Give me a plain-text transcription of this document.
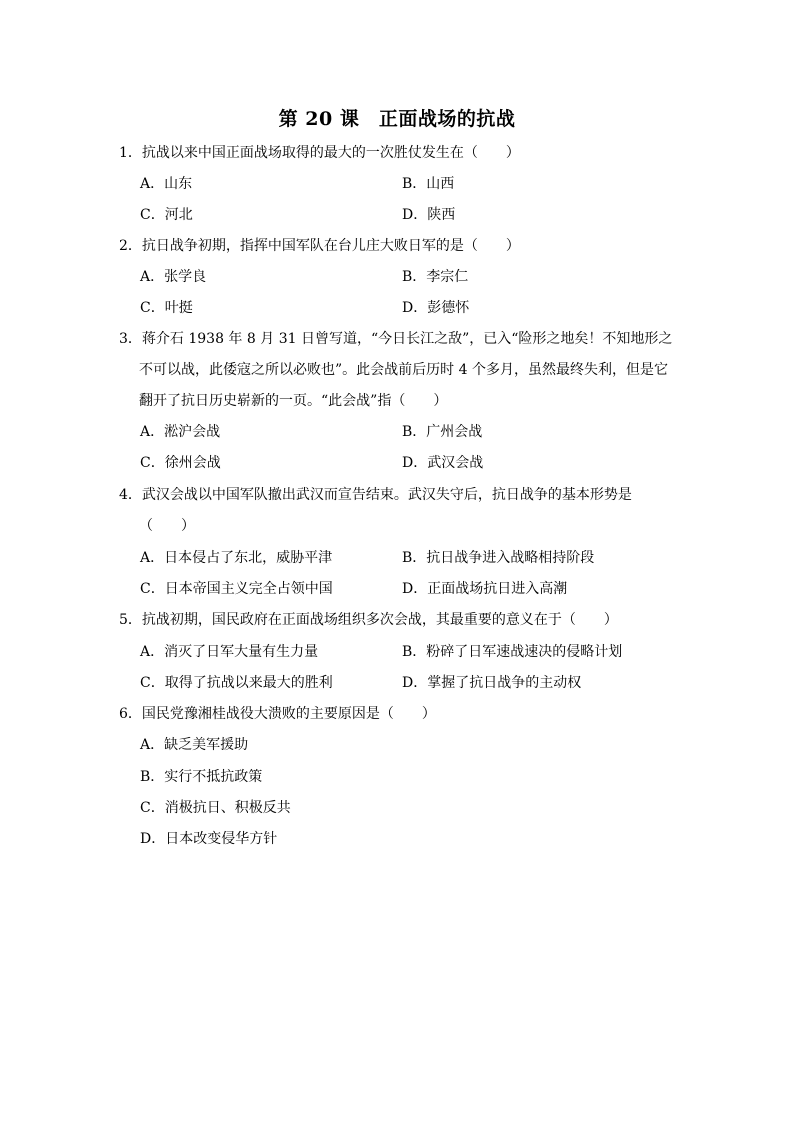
第 20 课　正面战场的抗战
1．抗战以来中国正面战场取得的最大的一次胜仗发生在（　　）
A．山东	B．山西
C．河北	D．陕西
2．抗日战争初期，指挥中国军队在台儿庄大败日军的是（　　）
A．张学良	B．李宗仁
C．叶挺	D．彭德怀
3．蒋介石 1938 年 8 月 31 日曾写道，“今日长江之敌”，已入“险形之地矣！不知地形之
不可以战，此倭寇之所以必败也”。此会战前后历时 4 个多月，虽然最终失利，但是它
翻开了抗日历史崭新的一页。“此会战”指（　　）
A．淞沪会战	B．广州会战
C．徐州会战	D．武汉会战
4．武汉会战以中国军队撤出武汉而宣告结束。武汉失守后，抗日战争的基本形势是
（　　）
A．日本侵占了东北，威胁平津	B．抗日战争进入战略相持阶段
C．日本帝国主义完全占领中国	D．正面战场抗日进入高潮
5．抗战初期，国民政府在正面战场组织多次会战，其最重要的意义在于（　　）
A．消灭了日军大量有生力量	B．粉碎了日军速战速决的侵略计划
C．取得了抗战以来最大的胜利	D．掌握了抗日战争的主动权
6．国民党豫湘桂战役大溃败的主要原因是（　　）
A．缺乏美军援助
B．实行不抵抗政策
C．消极抗日、积极反共
D．日本改变侵华方针
